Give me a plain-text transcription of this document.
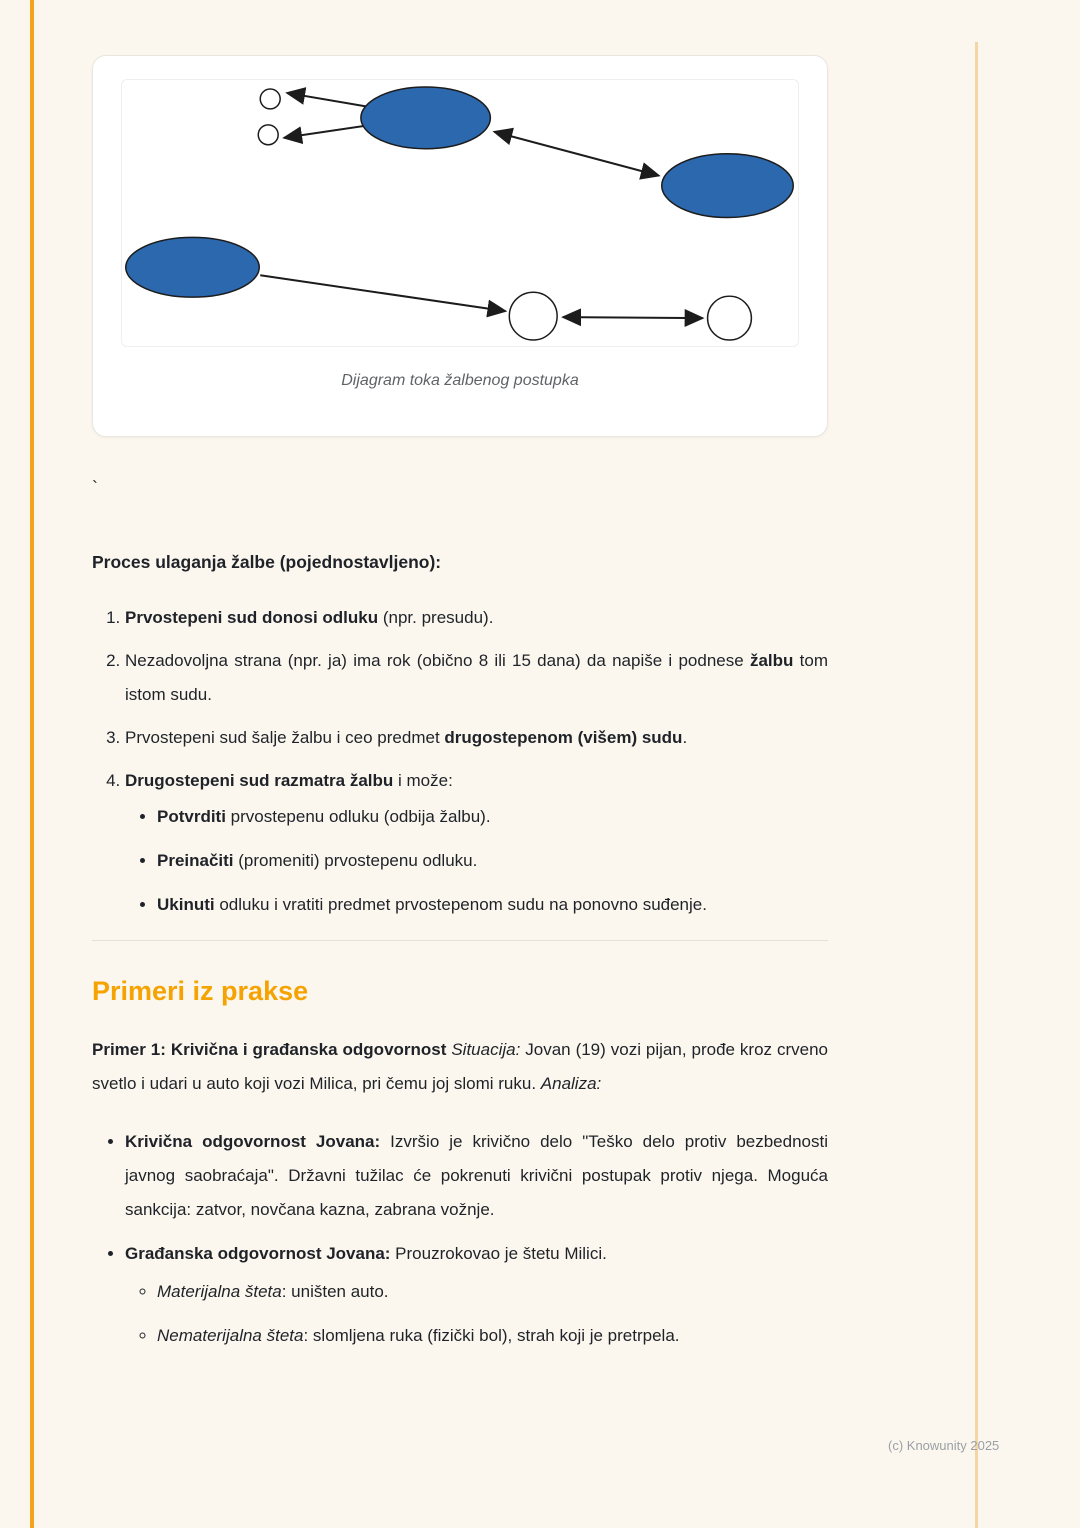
Dijagram toka žalbenog postupka
`
Proces ulaganja žalbe (pojednostavljeno):
1. Prvostepeni sud donosi odluku (npr. presudu).
2. Nezadovoljna strana (npr. ja) ima rok (obično 8 ili 15 dana) da napiše i podnese žalbu tom istom sudu.
3. Prvostepeni sud šalje žalbu i ceo predmet drugostepenom (višem) sudu.
4. Drugostepeni sud razmatra žalbu i može:
• Potvrditi prvostepenu odluku (odbija žalbu).
• Preinačiti (promeniti) prvostepenu odluku.
• Ukinuti odluku i vratiti predmet prvostepenom sudu na ponovno suđenje.
Primeri iz prakse

Primer 1: Krivična i građanska odgovornost Situacija: Jovan (19) vozi pijan, prođe kroz crveno svetlo i udari u auto koji vozi Milica, pri čemu joj slomi ruku. Analiza:

• Krivična odgovornost Jovana: Izvršio je krivično delo "Teško delo protiv bezbednosti javnog saobraćaja". Državni tužilac će pokrenuti krivični postupak protiv njega. Moguća sankcija: zatvor, novčana kazna, zabrana vožnje.
• Građanska odgovornost Jovana: Prouzrokovao je štetu Milici.
◦ Materijalna šteta: uništen auto.
◦ Nematerijalna šteta: slomljena ruka (fizički bol), strah koji je pretrpela.
(c) Knowunity 2025
